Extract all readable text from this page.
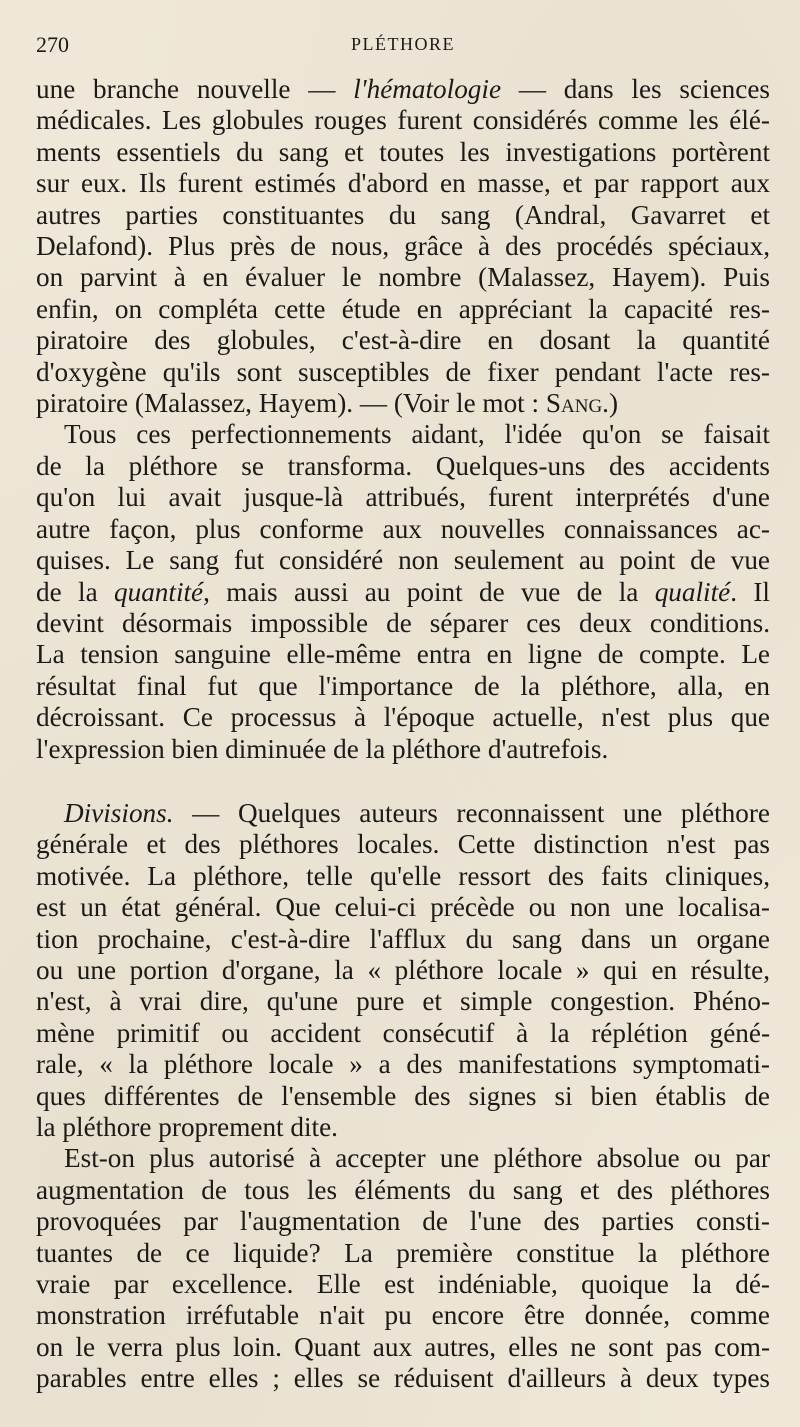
270	PLÉTHORE
une branche nouvelle — l'hématologie — dans les sciences
médicales. Les globules rouges furent considérés comme les élé-
ments essentiels du sang et toutes les investigations portèrent
sur eux. Ils furent estimés d'abord en masse, et par rapport aux
autres parties constituantes du sang (Andral, Gavarret et
Delafond). Plus près de nous, grâce à des procédés spéciaux,
on parvint à en évaluer le nombre (Malassez, Hayem). Puis
enfin, on compléta cette étude en appréciant la capacité res-
piratoire des globules, c'est-à-dire en dosant la quantité
d'oxygène qu'ils sont susceptibles de fixer pendant l'acte res-
piratoire (Malassez, Hayem). — (Voir le mot : Sang.)
Tous ces perfectionnements aidant, l'idée qu'on se faisait
de la pléthore se transforma. Quelques-uns des accidents
qu'on lui avait jusque-là attribués, furent interprétés d'une
autre façon, plus conforme aux nouvelles connaissances ac-
quises. Le sang fut considéré non seulement au point de vue
de la quantité, mais aussi au point de vue de la qualité. Il
devint désormais impossible de séparer ces deux conditions.
La tension sanguine elle-même entra en ligne de compte. Le
résultat final fut que l'importance de la pléthore, alla, en
décroissant. Ce processus à l'époque actuelle, n'est plus que
l'expression bien diminuée de la pléthore d'autrefois.
Divisions. — Quelques auteurs reconnaissent une pléthore
générale et des pléthores locales. Cette distinction n'est pas
motivée. La pléthore, telle qu'elle ressort des faits cliniques,
est un état général. Que celui-ci précède ou non une localisa-
tion prochaine, c'est-à-dire l'afflux du sang dans un organe
ou une portion d'organe, la « pléthore locale » qui en résulte,
n'est, à vrai dire, qu'une pure et simple congestion. Phéno-
mène primitif ou accident consécutif à la réplétion géné-
rale, « la pléthore locale » a des manifestations symptomati-
ques différentes de l'ensemble des signes si bien établis de
la pléthore proprement dite.
Est-on plus autorisé à accepter une pléthore absolue ou par
augmentation de tous les éléments du sang et des pléthores
provoquées par l'augmentation de l'une des parties consti-
tuantes de ce liquide? La première constitue la pléthore
vraie par excellence. Elle est indéniable, quoique la dé-
monstration irréfutable n'ait pu encore être donnée, comme
on le verra plus loin. Quant aux autres, elles ne sont pas com-
parables entre elles ; elles se réduisent d'ailleurs à deux types
